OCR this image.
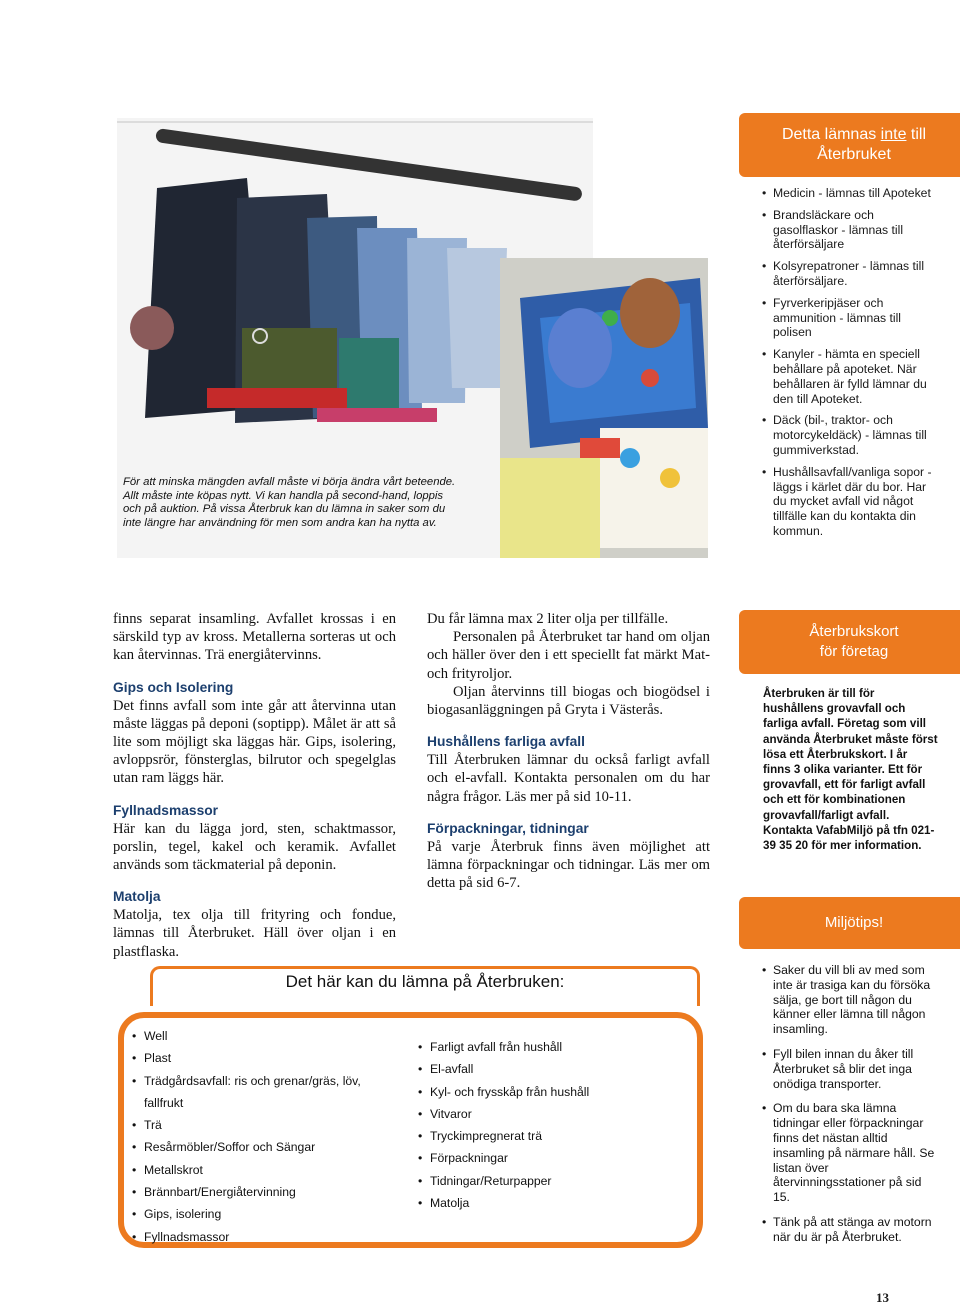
För att minska mängden avfall måste vi börja ändra vårt beteende.

Allt måste inte köpas nytt. Vi kan handla på second-hand, loppis

och på auktion. På vissa Återbruk kan du lämna in saker som du

inte längre har användning för men som andra kan ha nytta av.

Detta lämnas inte till
Återbruket
• Medicin - lämnas till Apoteket
• Brandsläckare och gasolflaskor - lämnas till återförsäljare
• Kolsyrepatroner - lämnas till återförsäljare.
• Fyrverkeripjäser och ammunition - lämnas till polisen
• Kanyler - hämta en speciell behållare på apoteket. När behållaren är fylld lämnar du den till Apoteket.
• Däck (bil-, traktor- och motorcykeldäck) - lämnas till gummiverkstad.
• Hushållsavfall/vanliga sopor - läggs i kärlet där du bor. Har du mycket avfall vid något tillfälle kan du kontakta din kommun.

finns separat insamling. Avfallet krossas i en särskild typ av kross. Metallerna sorteras ut och kan återvinnas. Trä energiåtervinns.

Gips och Isolering

Det finns avfall som inte går att återvinna utan måste läggas på deponi (soptipp). Målet är att så lite som möjligt ska läggas här. Gips, isolering, avloppsrör, fönsterglas, bilrutor och spegelglas utan ram läggs här.

Fyllnadsmassor

Här kan du lägga jord, sten, schaktmassor, porslin, tegel, kakel och keramik. Avfallet används som täckmaterial på deponin.

Matolja

Matolja, tex olja till frityring och fondue, lämnas till Återbruket. Häll över oljan i en plastflaska.

Du får lämna max 2 liter olja per tillfälle.

Personalen på Återbruket tar hand om oljan och häller över den i ett speciellt fat märkt Mat- och frityroljor.

Oljan återvinns till biogas och biogödsel i biogasanläggningen på Gryta i Västerås.

Hushållens farliga avfall

Till Återbruken lämnar du också farligt avfall och el-avfall. Kontakta personalen om du har några frågor. Läs mer på sid 10-11.

Förpackningar, tidningar

På varje Återbruk finns även möjlighet att lämna förpackningar och tidningar. Läs mer om detta på sid 6-7.

Återbrukskort
för företag
Återbruken är till för hushållens grovavfall och farliga avfall. Företag som vill använda Återbruket måste först lösa ett Återbrukskort. I år finns 3 olika varianter. Ett för grovavfall, ett för farligt avfall och ett för kombinationen grovavfall/farligt avfall. Kontakta VafabMiljö på tfn 021-39 35 20 för mer information.
Miljötips!
• Saker du vill bli av med som inte är trasiga kan du försöka sälja, ge bort till någon du känner eller lämna till någon insamling.
• Fyll bilen innan du åker till Återbruket så blir det inga onödiga transporter.
• Om du bara ska lämna tidningar eller förpackningar finns det nästan alltid insamling på närmare håll. Se listan över återvinningsstationer på sid 15.
• Tänk på att stänga av motorn när du är på Återbruket.
Det här kan du lämna på Återbruken:
• Well
• Plast
• Trädgårdsavfall: ris och grenar/gräs, löv, fallfrukt
• Trä
• Resårmöbler/Soffor och Sängar
• Metallskrot
• Brännbart/Energiåtervinning
• Gips, isolering
• Fyllnadsmassor
• Farligt avfall från hushåll
• El-avfall
• Kyl- och frysskåp från hushåll
• Vitvaror
• Tryckimpregnerat trä
• Förpackningar
• Tidningar/Returpapper
• Matolja
13
